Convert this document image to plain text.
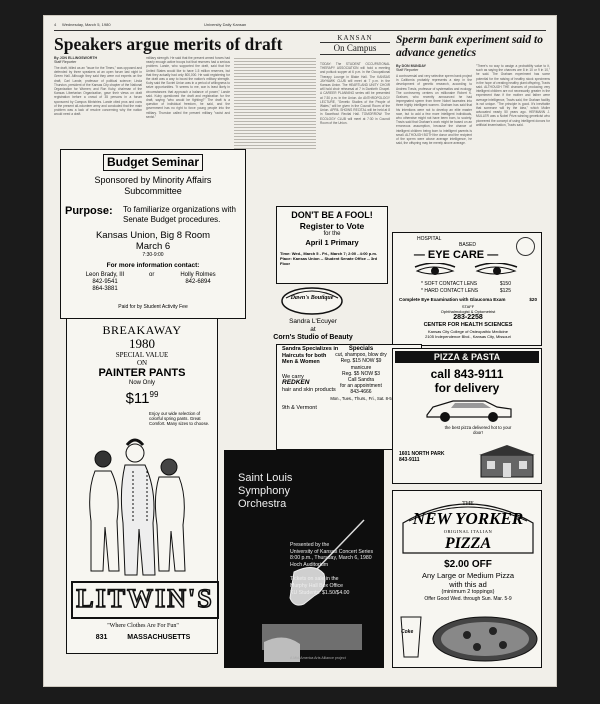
4 Wednesday, March 5, 1980	University Daily Kansan
Speakers argue merits of draft
By JON ELLINGSWORTH
Staff Reporter
The draft, billed as an "issue for the Times," was opposed and defended by three speakers at an open forum last night in Green Hall. Although they said they were not experts on the draft, Carl Lande, professor of political science; Linda Thurston, president of the Kansas City chapter of the National Organization for Women; and Ron Kuby, chairman of the Kansas Libertarian Organization, gave their views on draft registration before a crowd of 35 persons in a forum sponsored by Campus Ministries. Lande cited pros and cons of the present all-volunteer army and concluded that the main problem was a lack of resolve concerning why the nation would need a draft.
military strength. He said that the present armed forces had nearly enough active troops but that reserves had a serious problem. Lande, who supported the draft, said that the United States would like to have 1.5 million reserves, but that they actually had only 800,000. He said registering for the draft was a way to boost the nation's military strength. Kuby said the Soviet Union was in a period of willingness to seize opportunities. "It seems to me, war is least likely in circumstances that approach a balance of power," Lande said. Kuby questioned the draft and registration for the draft, saying "who would be fighting?" The draft is a question of individual freedom, he said, and the government has no right to force young people into the military. Thurston called the present military "racist and sexist."
KANSAN
On Campus
TODAY: The STUDENT OCCUPATIONAL THERAPY ASSOCIATION will hold a meeting and potluck supper at 6 p.m. in the Occupational Therapy Lounge in Blake Hall. The KANSAS JAYHAWK CLUB will meet at 7 p.m. in the Kansas Union. The HEARTLAND UNITY CHOIR will hold choir rehearsal at 7 in Danforth Chapel. A CAREER PLANNING series will be presented at 7:30 p.m. in the Union. An ANTHROPOLOGY LECTURE, "Genetic Studies of the People of Wales," will be given in the Council Room of the Union. APRIL SHOWS RECITAL will be held at 8 in Swarthout Recital Hall. TOMORROW: The ECOLOGY CLUB will meet at 7:30 in Council Room of the Union.
Sperm bank experiment said to advance genetics
By DON MUNDAY
Staff Reporter
A controversial and very selective sperm bank project in California probably represents a step in the development of genetic research, according to Andrew Travis, professor of systematics and ecology. The controversy centers on millionaire Robert K. Graham, who recently announced he had impregnated sperm from three Nobel laureates into three highly intelligent women. Graham has said that his intentions were not to develop an elite master race, but to add a few more intelligent individuals, who otherwise might not have been born, to society. Travis said that Graham's work might be based on an erroneous assumption, because the chance of intelligent children being born to intelligent parents is small. ALTHOUGH BOTH the donor and the recipient of the sperm were above average intelligence, he said, the offspring may be merely above average.
"There's no way to assign a probability value to it, such as saying the chances are 8 in 10 or 9 in 10," he said. The Graham experiment has some potential for the raising of healthy stock specimens in the hope of creating healthy plant offspring, Travis said. ALTHOUGH THE chances of producing very intelligent children are not necessarily greater in the experiment than if the mother and father were average intelligence, Travis said, the Graham facility is not unique. "The principle is good. It's inevitable that someone will try the idea," which Muller advocated nearly 50 years ago. HERMANN J. MULLER was a Nobel Prize-winning geneticist who pioneered the concept of using intelligent donors for artificial insemination, Travis said.
Budget Seminar
Sponsored by Minority Affairs Subcommittee
Purpose:	To familiarize organizations with Senate Budget procedures.
Kansas Union, Big 8 Room
March 6
7:30-9:00
For more information contact:
Leon Brady, III
842-9541
864-3881
or	Holly Rolmes
842-6894
Paid for by Student Activity Fee
DON'T BE A FOOL!
Register to Vote
for the
April 1 Primary
Time: Wed., March 5 - Fri., March 7; 2:00 - 4:00 p.m.
Place: Kansas Union -- Student Senate Office -- 3rd Floor
HOSPITAL
BASED
— EYE CARE —
* SOFT CONTACT LENS	$150
* HARD CONTACT LENS	$125
Complete Eye Examination with Glaucoma Exam	$20
STAFF
Ophthalmologist & Optometrist
283-2258
CENTER FOR HEALTH SCIENCES
Kansas City College of Osteopathic Medicine
2105 Independence Blvd., Kansas City, Missouri
Dawn's Boutique
Sandra L'Ecuyer
at
Corn's Studio of Beauty
Sandra Specializes in
Haircuts for both
Men & Women
We carry
REDKEN
hair and skin products
9th & Vermont
Specials
cut, shampoo, blow dry
Reg. $15 NOW $9
manicure
Reg. $5 NOW $3
Call Sandra
for an appointment
843-4666
Mon., Tues., Thurs., Fri., Sat. 8-5
PIZZA & PASTA
call 843-9111
for delivery
the best pizza delivered hot to your door!
1601 NORTH PARK
843-9111
BREAKAWAY
1980
SPECIAL VALUE
ON
PAINTER PANTS
Now Only
$\$11^{99}$
Enjoy our wide selection of colorful spring pants. Great Comfort. Many sizes to choose.
LITWIN'S
"Where Clothes Are For Fun"
831	MASSACHUSETTS
Saint Louis Symphony Orchestra
Presented by the
University of Kansas Concert Series
8:00 p.m., Thursday, March 6, 1980
Hoch Auditorium
Tickets on sale in the
Murphy Hall Box Office
KU Students: $1.50/$4.00
A Mid-America Arts Alliance project
THE
NEW YORKER
ORIGINAL ITALIAN
PIZZA
$2.00 OFF
Any Large or Medium Pizza
with this ad
(minimum 2 toppings)
Offer Good Wed. through Sun. Mar. 5-9
Coke
